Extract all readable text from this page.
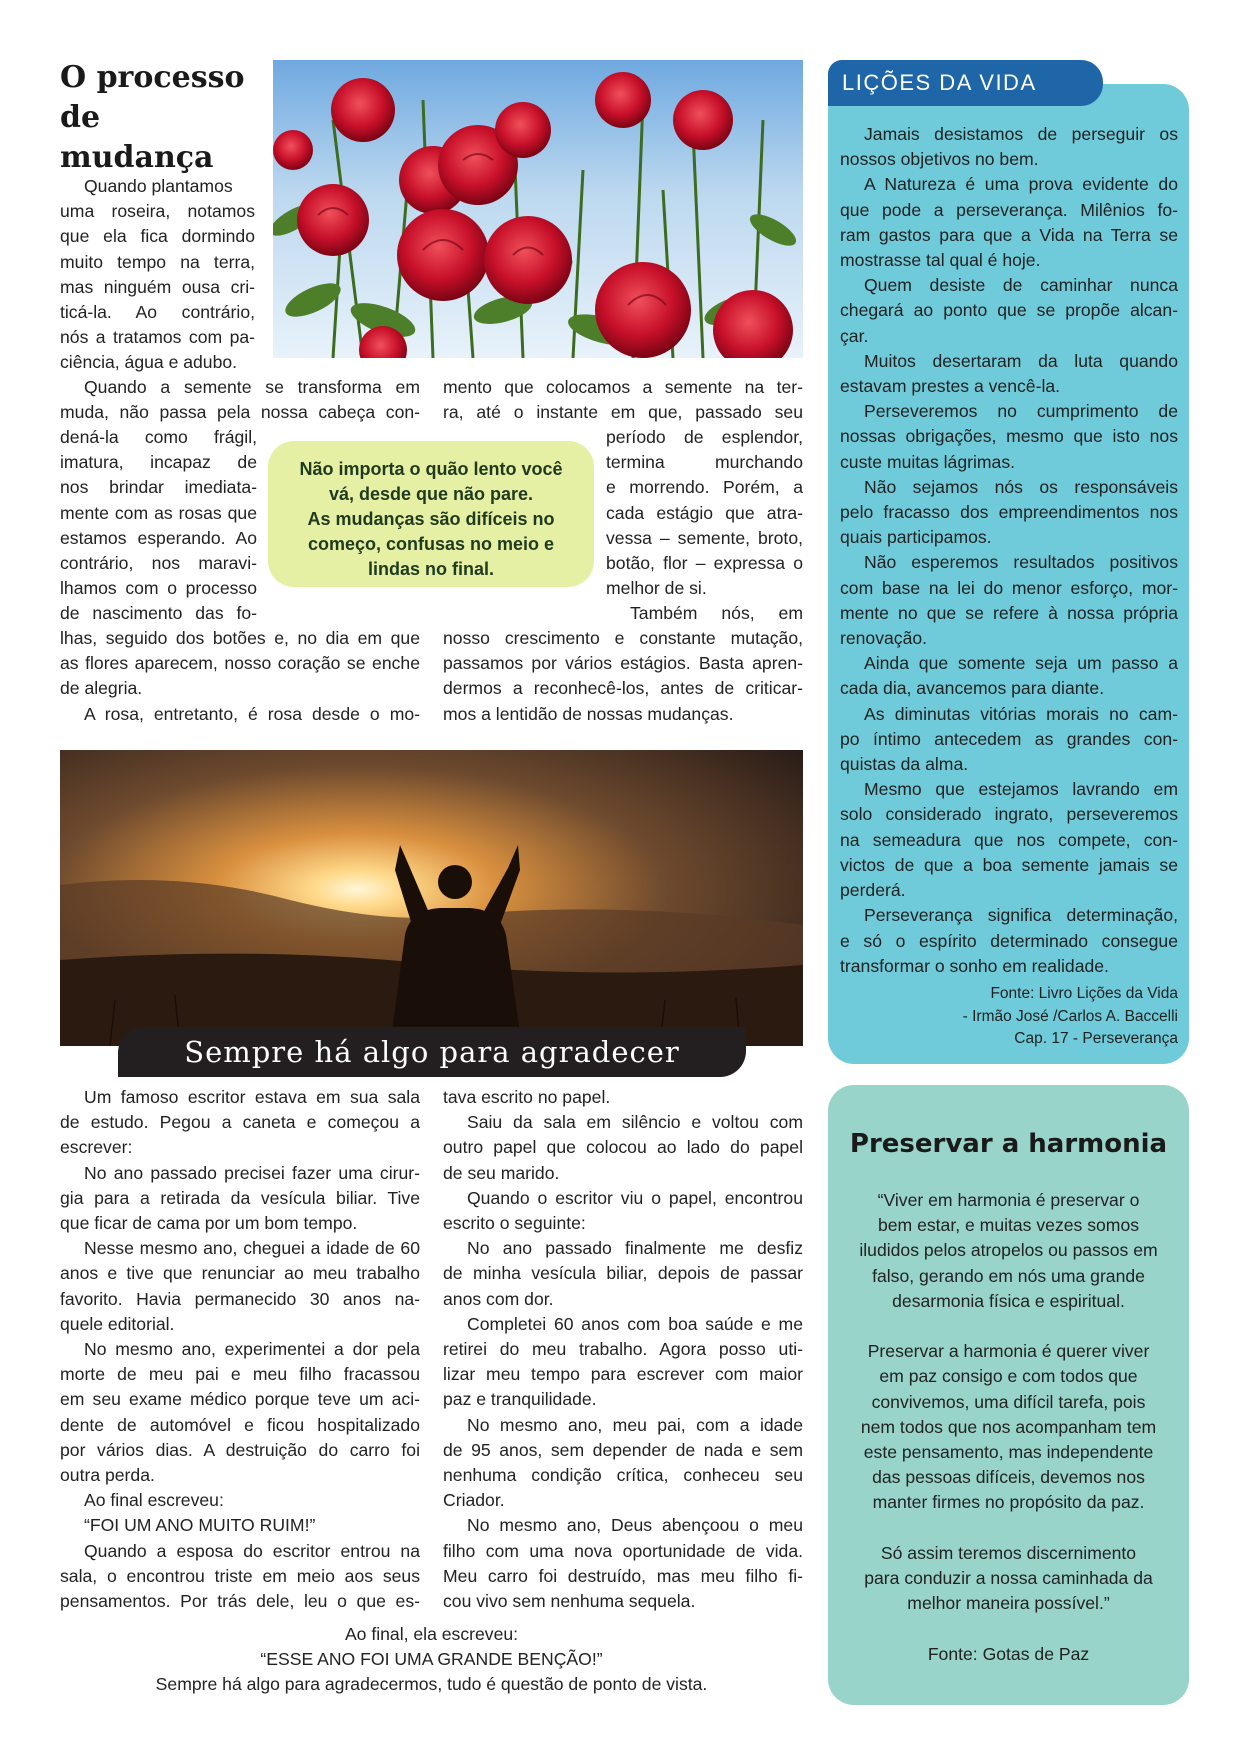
O processo
de mudança
Quando plantamos
uma roseira, notamos
que ela fica dormindo
muito tempo na terra,
mas ninguém ousa cri-
ticá-la. Ao contrário,
nós a tratamos com pa-
ciência, água e adubo.
Quando a semente se transforma em
muda, não passa pela nossa cabeça con-
dená-la como frágil,
imatura, incapaz de
nos brindar imediata-
mente com as rosas que
estamos esperando. Ao
contrário, nos maravi-
lhamos com o processo
de nascimento das fo-
lhas, seguido dos botões e, no dia em que
as flores aparecem, nosso coração se enche
de alegria.
A rosa, entretanto, é rosa desde o mo-
mento que colocamos a semente na ter-
ra, até o instante em que, passado seu
período de esplendor,
termina murchando
e morrendo. Porém, a
cada estágio que atra-
vessa – semente, broto,
botão, flor – expressa o
melhor de si.
Também nós, em
nosso crescimento e constante mutação,
passamos por vários estágios. Basta apren-
dermos a reconhecê-los, antes de criticar-
mos a lentidão de nossas mudanças.
Não importa o quão lento você
vá, desde que não pare.
As mudanças são difíceis no
começo, confusas no meio e
lindas no final.
Sempre há algo para agradecer
Um famoso escritor estava em sua sala
de estudo. Pegou a caneta e começou a
escrever:
No ano passado precisei fazer uma cirur-
gia para a retirada da vesícula biliar. Tive
que ficar de cama por um bom tempo.
Nesse mesmo ano, cheguei a idade de 60
anos e tive que renunciar ao meu trabalho
favorito. Havia permanecido 30 anos na-
quele editorial.
No mesmo ano, experimentei a dor pela
morte de meu pai e meu filho fracassou
em seu exame médico porque teve um aci-
dente de automóvel e ficou hospitalizado
por vários dias. A destruição do carro foi
outra perda.
Ao final escreveu:
“FOI UM ANO MUITO RUIM!”
Quando a esposa do escritor entrou na
sala, o encontrou triste em meio aos seus
pensamentos. Por trás dele, leu o que es-
tava escrito no papel.
Saiu da sala em silêncio e voltou com
outro papel que colocou ao lado do papel
de seu marido.
Quando o escritor viu o papel, encontrou
escrito o seguinte:
No ano passado finalmente me desfiz
de minha vesícula biliar, depois de passar
anos com dor.
Completei 60 anos com boa saúde e me
retirei do meu trabalho. Agora posso uti-
lizar meu tempo para escrever com maior
paz e tranquilidade.
No mesmo ano, meu pai, com a idade
de 95 anos, sem depender de nada e sem
nenhuma condição crítica, conheceu seu
Criador.
No mesmo ano, Deus abençoou o meu
filho com uma nova oportunidade de vida.
Meu carro foi destruído, mas meu filho fi-
cou vivo sem nenhuma sequela.
Ao final, ela escreveu:
“ESSE ANO FOI UMA GRANDE BENÇÃO!”
Sempre há algo para agradecermos, tudo é questão de ponto de vista.
LIÇÕES DA VIDA
Jamais desistamos de perseguir os
nossos objetivos no bem.
A Natureza é uma prova evidente do
que pode a perseverança. Milênios fo-
ram gastos para que a Vida na Terra se
mostrasse tal qual é hoje.
Quem desiste de caminhar nunca
chegará ao ponto que se propõe alcan-
çar.
Muitos desertaram da luta quando
estavam prestes a vencê-la.
Perseveremos no cumprimento de
nossas obrigações, mesmo que isto nos
custe muitas lágrimas.
Não sejamos nós os responsáveis
pelo fracasso dos empreendimentos nos
quais participamos.
Não esperemos resultados positivos
com base na lei do menor esforço, mor-
mente no que se refere à nossa própria
renovação.
Ainda que somente seja um passo a
cada dia, avancemos para diante.
As diminutas vitórias morais no cam-
po íntimo antecedem as grandes con-
quistas da alma.
Mesmo que estejamos lavrando em
solo considerado ingrato, perseveremos
na semeadura que nos compete, con-
victos de que a boa semente jamais se
perderá.
Perseverança significa determinação,
e só o espírito determinado consegue
transformar o sonho em realidade.
Fonte: Livro Lições da Vida
- Irmão José /Carlos A. Baccelli
Cap. 17 - Perseverança
Preservar a harmonia
“Viver em harmonia é preservar o
bem estar, e muitas vezes somos
iludidos pelos atropelos ou passos em
falso, gerando em nós uma grande
desarmonia física e espiritual.
Preservar a harmonia é querer viver
em paz consigo e com todos que
convivemos, uma difícil tarefa, pois
nem todos que nos acompanham tem
este pensamento, mas independente
das pessoas difíceis, devemos nos
manter firmes no propósito da paz.
Só assim teremos discernimento
para conduzir a nossa caminhada da
melhor maneira possível.”
Fonte: Gotas de Paz
